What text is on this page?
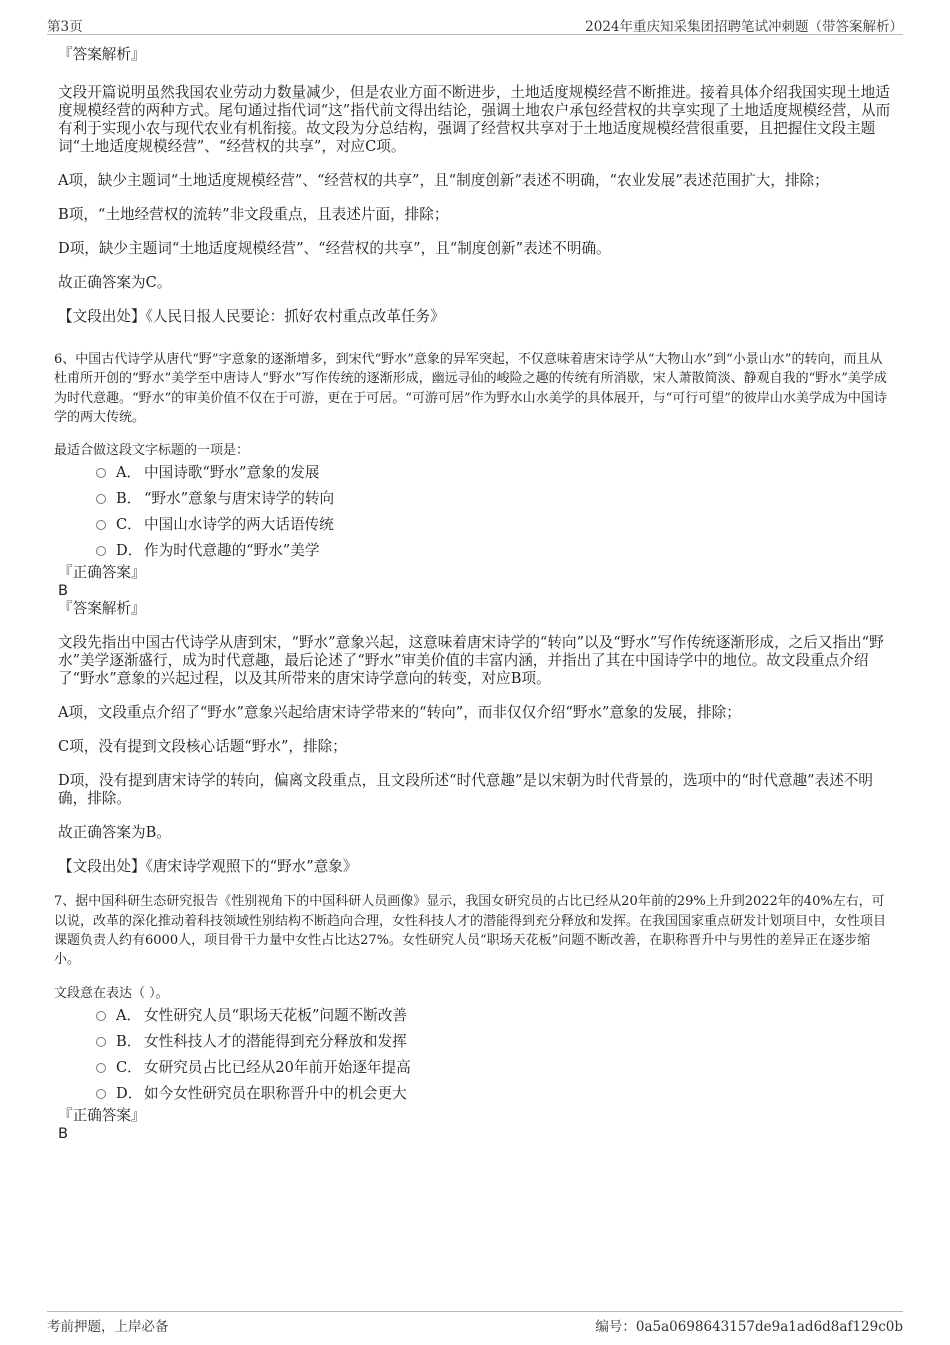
第3页	2024年重庆知采集团招聘笔试冲刺题（带答案解析）

『答案解析』

文段开篇说明虽然我国农业劳动力数量减少，但是农业方面不断进步，土地适度规模经营不断推进。接着具体介绍我国实现土地适度规模经营的两种方式。尾句通过指代词“这”指代前文得出结论，强调土地农户承包经营权的共享实现了土地适度规模经营，从而有利于实现小农与现代农业有机衔接。故文段为分总结构，强调了经营权共享对于土地适度规模经营很重要，且把握住文段主题词“土地适度规模经营”、“经营权的共享”，对应C项。

A项，缺少主题词“土地适度规模经营”、“经营权的共享”，且“制度创新”表述不明确，“农业发展”表述范围扩大，排除；

B项，“土地经营权的流转”非文段重点，且表述片面，排除；

D项，缺少主题词“土地适度规模经营”、“经营权的共享”，且“制度创新”表述不明确。

故正确答案为C。

【文段出处】《人民日报人民要论：抓好农村重点改革任务》

6、中国古代诗学从唐代“野”字意象的逐渐增多，到宋代“野水”意象的异军突起，不仅意味着唐宋诗学从“大物山水”到“小景山水”的转向，而且从杜甫所开创的“野水”美学至中唐诗人“野水”写作传统的逐渐形成，幽远寻仙的峻险之趣的传统有所消歇，宋人萧散简淡、静观自我的“野水”美学成为时代意趣。“野水”的审美价值不仅在于可游，更在于可居。“可游可居”作为野水山水美学的具体展开，与“可行可望”的彼岸山水美学成为中国诗学的两大传统。

最适合做这段文字标题的一项是：

A． 中国诗歌“野水”意象的发展
B． “野水”意象与唐宋诗学的转向
C． 中国山水诗学的两大话语传统
D． 作为时代意趣的“野水”美学

『正确答案』

B

『答案解析』

文段先指出中国古代诗学从唐到宋，“野水”意象兴起，这意味着唐宋诗学的“转向”以及“野水”写作传统逐渐形成，之后又指出“野水”美学逐渐盛行，成为时代意趣，最后论述了“野水”审美价值的丰富内涵，并指出了其在中国诗学中的地位。故文段重点介绍了“野水”意象的兴起过程，以及其所带来的唐宋诗学意向的转变，对应B项。

A项，文段重点介绍了“野水”意象兴起给唐宋诗学带来的“转向”，而非仅仅介绍“野水”意象的发展，排除；

C项，没有提到文段核心话题“野水”，排除；

D项，没有提到唐宋诗学的转向，偏离文段重点，且文段所述“时代意趣”是以宋朝为时代背景的，选项中的“时代意趣”表述不明确，排除。

故正确答案为B。

【文段出处】《唐宋诗学观照下的“野水”意象》

7、据中国科研生态研究报告《性别视角下的中国科研人员画像》显示，我国女研究员的占比已经从20年前的29%上升到2022年的40%左右，可以说，改革的深化推动着科技领域性别结构不断趋向合理，女性科技人才的潜能得到充分释放和发挥。在我国国家重点研发计划项目中，女性项目课题负责人约有6000人，项目骨干力量中女性占比达27%。女性研究人员“职场天花板”问题不断改善，在职称晋升中与男性的差异正在逐步缩小。

文段意在表达（ ）。

A． 女性研究人员“职场天花板”问题不断改善
B． 女性科技人才的潜能得到充分释放和发挥
C． 女研究员占比已经从20年前开始逐年提高
D． 如今女性研究员在职称晋升中的机会更大

『正确答案』

B

考前押题，上岸必备	编号：0a5a0698643157de9a1ad6d8af129c0b
